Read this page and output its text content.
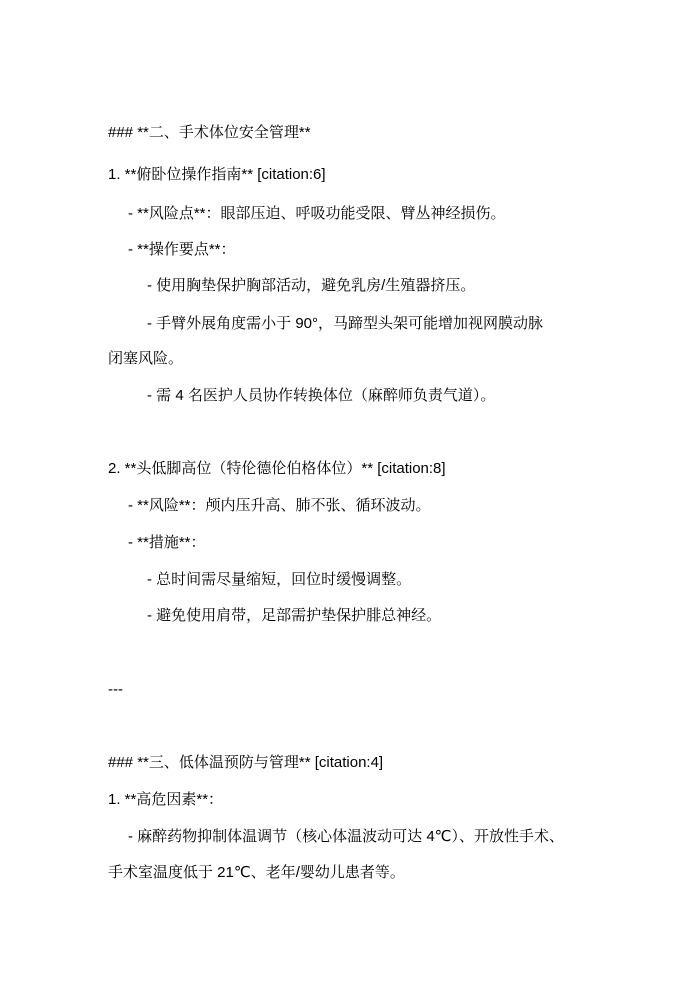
### **二、手术体位安全管理**
1. **俯卧位操作指南** [citation:6]
- **风险点**：眼部压迫、呼吸功能受限、臂丛神经损伤。
- **操作要点**：
- 使用胸垫保护胸部活动，避免乳房/生殖器挤压。
- 手臂外展角度需小于 90°，马蹄型头架可能增加视网膜动脉
闭塞风险。
- 需 4 名医护人员协作转换体位（麻醉师负责气道）。
2. **头低脚高位（特伦德伦伯格体位）** [citation:8]
- **风险**：颅内压升高、肺不张、循环波动。
- **措施**：
- 总时间需尽量缩短，回位时缓慢调整。
- 避免使用肩带，足部需护垫保护腓总神经。
---
### **三、低体温预防与管理** [citation:4]
1. **高危因素**：
- 麻醉药物抑制体温调节（核心体温波动可达 4℃）、开放性手术、
手术室温度低于 21℃、老年/婴幼儿患者等。
